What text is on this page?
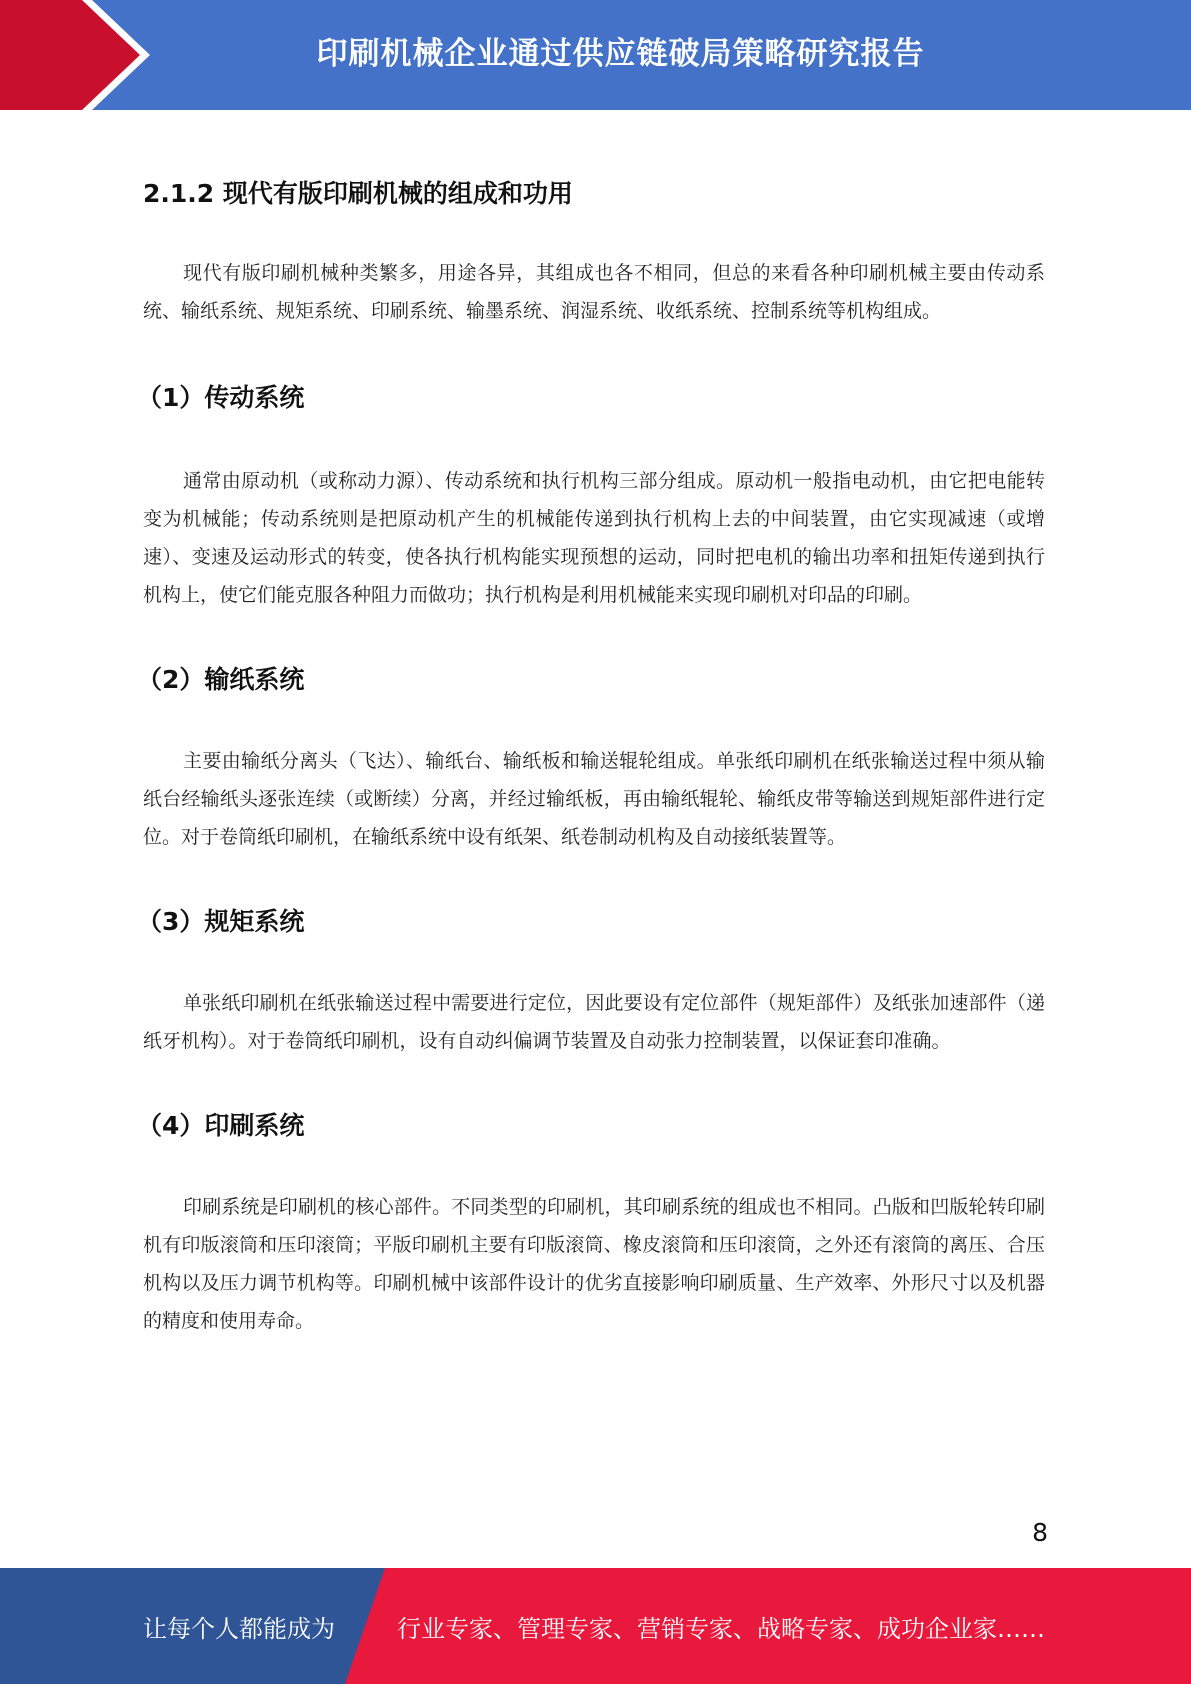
印刷机械企业通过供应链破局策略研究报告
2.1.2 现代有版印刷机械的组成和功用

现代有版印刷机械种类繁多，用途各异，其组成也各不相同，但总的来看各种印刷机械主要由传动系统、输纸系统、规矩系统、印刷系统、输墨系统、润湿系统、收纸系统、控制系统等机构组成。

（1）传动系统

通常由原动机（或称动力源）、传动系统和执行机构三部分组成。原动机一般指电动机，由它把电能转变为机械能；传动系统则是把原动机产生的机械能传递到执行机构上去的中间装置，由它实现减速（或增速）、变速及运动形式的转变，使各执行机构能实现预想的运动，同时把电机的输出功率和扭矩传递到执行机构上，使它们能克服各种阻力而做功；执行机构是利用机械能来实现印刷机对印品的印刷。

（2）输纸系统

主要由输纸分离头（飞达）、输纸台、输纸板和输送辊轮组成。单张纸印刷机在纸张输送过程中须从输纸台经输纸头逐张连续（或断续）分离，并经过输纸板，再由输纸辊轮、输纸皮带等输送到规矩部件进行定位。对于卷筒纸印刷机，在输纸系统中设有纸架、纸卷制动机构及自动接纸装置等。

（3）规矩系统

单张纸印刷机在纸张输送过程中需要进行定位，因此要设有定位部件（规矩部件）及纸张加速部件（递纸牙机构）。对于卷筒纸印刷机，设有自动纠偏调节装置及自动张力控制装置，以保证套印准确。

（4）印刷系统

印刷系统是印刷机的核心部件。不同类型的印刷机，其印刷系统的组成也不相同。凸版和凹版轮转印刷机有印版滚筒和压印滚筒；平版印刷机主要有印版滚筒、橡皮滚筒和压印滚筒，之外还有滚筒的离压、合压机构以及压力调节机构等。印刷机械中该部件设计的优劣直接影响印刷质量、生产效率、外形尺寸以及机器的精度和使用寿命。

8
让每个人都能成为	行业专家、管理专家、营销专家、战略专家、成功企业家……
